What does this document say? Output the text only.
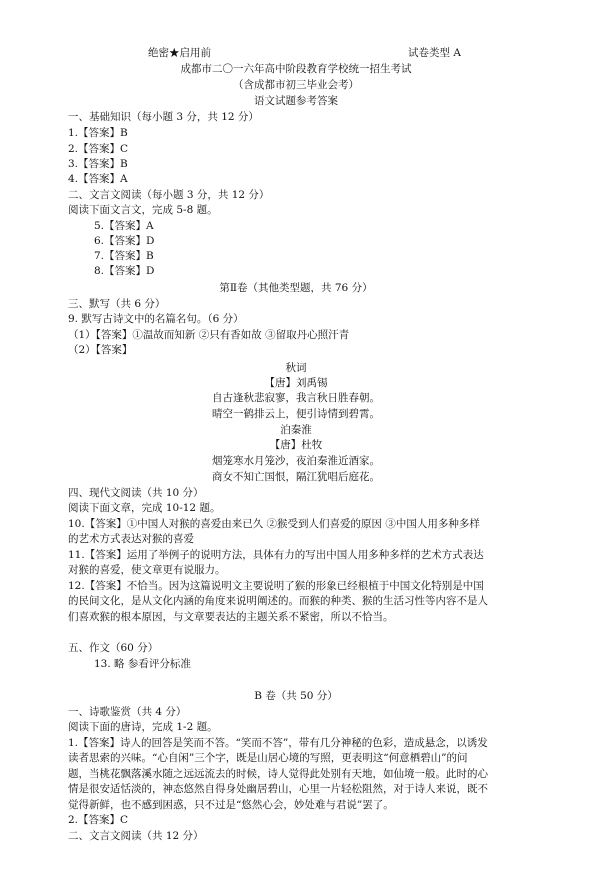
绝密★启用前	试卷类型 A
成都市二〇一六年高中阶段教育学校统一招生考试
（含成都市初三毕业会考）
语文试题参考答案
一、基础知识（每小题 3 分，共 12 分）
1.【答案】B
2.【答案】C
3.【答案】B
4.【答案】A
二、文言文阅读（每小题 3 分，共 12 分）
阅读下面文言文，完成 5-8 题。
5.【答案】A
6.【答案】D
7.【答案】B
8.【答案】D
第Ⅱ卷（其他类型题，共 76 分）
三、默写（共 6 分）
9. 默写古诗文中的名篇名句。（6 分）
（1）【答案】①温故而知新 ②只有香如故 ③留取丹心照汗青
（2）【答案】
秋词
【唐】刘禹锡
自古逢秋悲寂寥，我言秋日胜春朝。
晴空一鹤排云上，便引诗情到碧霄。
泊秦淮
【唐】杜牧
烟笼寒水月笼沙，夜泊秦淮近酒家。
商女不知亡国恨，隔江犹唱后庭花。
四、现代文阅读（共 10 分）
阅读下面文章，完成 10-12 题。
10.【答案】①中国人对猴的喜爱由来已久 ②猴受到人们喜爱的原因 ③中国人用多种多样
的艺术方式表达对猴的喜爱
11.【答案】运用了举例子的说明方法，具体有力的写出中国人用多种多样的艺术方式表达
对猴的喜爱，使文章更有说服力。
12.【答案】不恰当。因为这篇说明文主要说明了猴的形象已经根植于中国文化特别是中国
的民间文化，是从文化内涵的角度来说明阐述的。而猴的种类、猴的生活习性等内容不是人
们喜欢猴的根本原因，与文章要表达的主题关系不紧密，所以不恰当。
五、作文（60 分）
13. 略 参看评分标准
B 卷（共 50 分）
一、诗歌鉴赏（共 4 分）
阅读下面的唐诗，完成 1-2 题。
1.【答案】诗人的回答是笑而不答。“笑而不答”，带有几分神秘的色彩，造成悬念，以诱发
读者思索的兴味。“心自闲”三个字，既是山居心境的写照，更表明这“何意栖碧山”的问
题，当桃花飘落溪水随之远远流去的时候，诗人觉得此处别有天地，如仙境一般。此时的心
情是很安适恬淡的，神态悠然自得身处幽居碧山，心里一片轻松阻然，对于诗人来说，既不
觉得新鲜，也不感到困惑，只不过是“悠然心会，妙处难与君说”罢了。
2.【答案】C
二、文言文阅读（共 12 分）
